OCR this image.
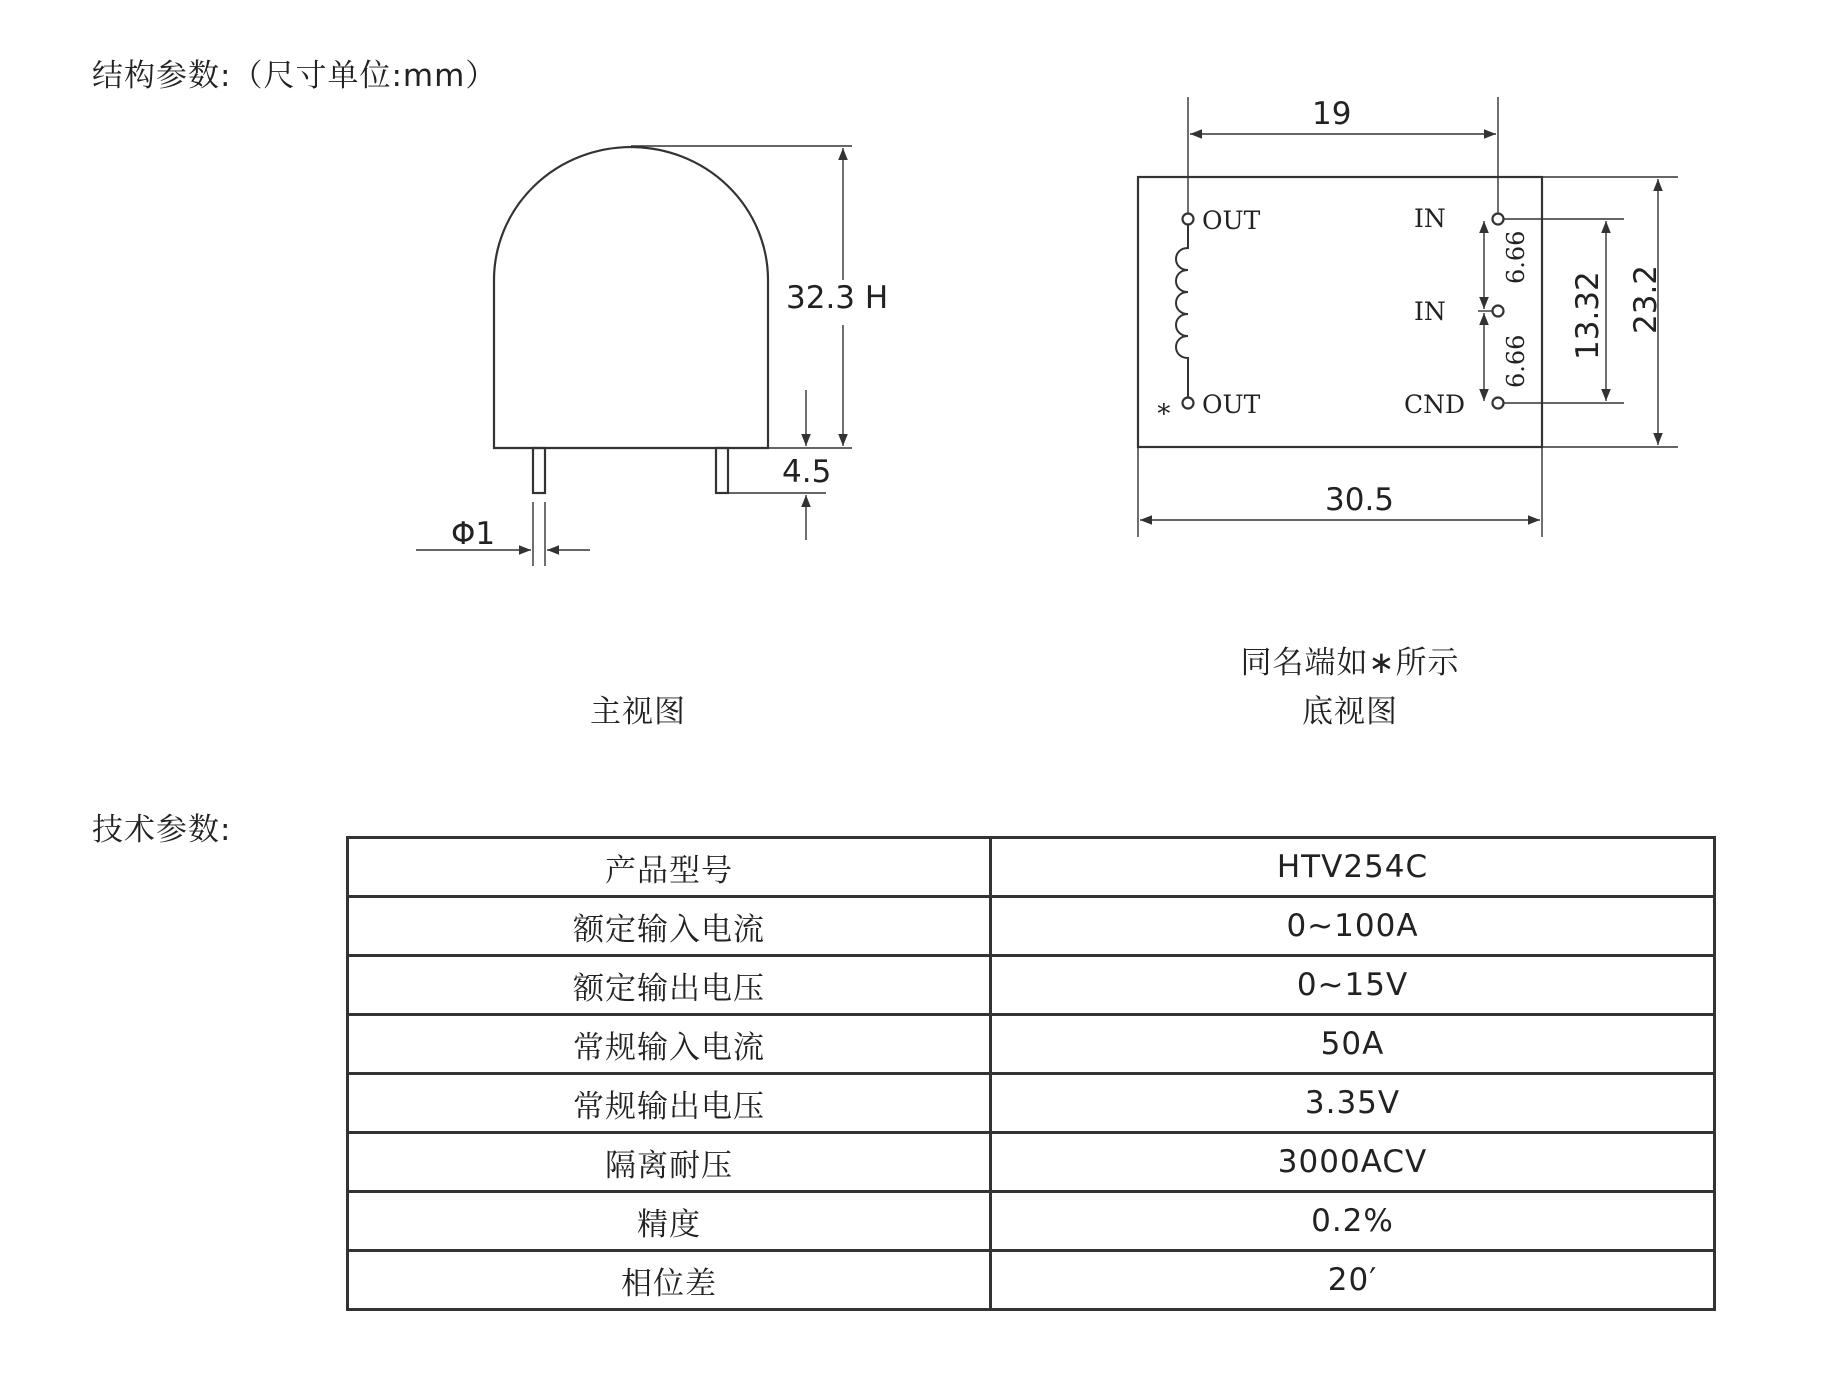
结构参数:（尺寸单位:mm）
32.3 H
4.5
Φ1
OUT
OUT
IN
IN
CND
∗
19
30.5
23.2
13.32
6.66
6.66
主视图
同名端如∗所示
底视图
技术参数:
产品型号	HTV254C
额定输入电流	0~100A
额定输出电压	0~15V
常规输入电流	50A
常规输出电压	3.35V
隔离耐压	3000ACV
精度	0.2%
相位差	20′
